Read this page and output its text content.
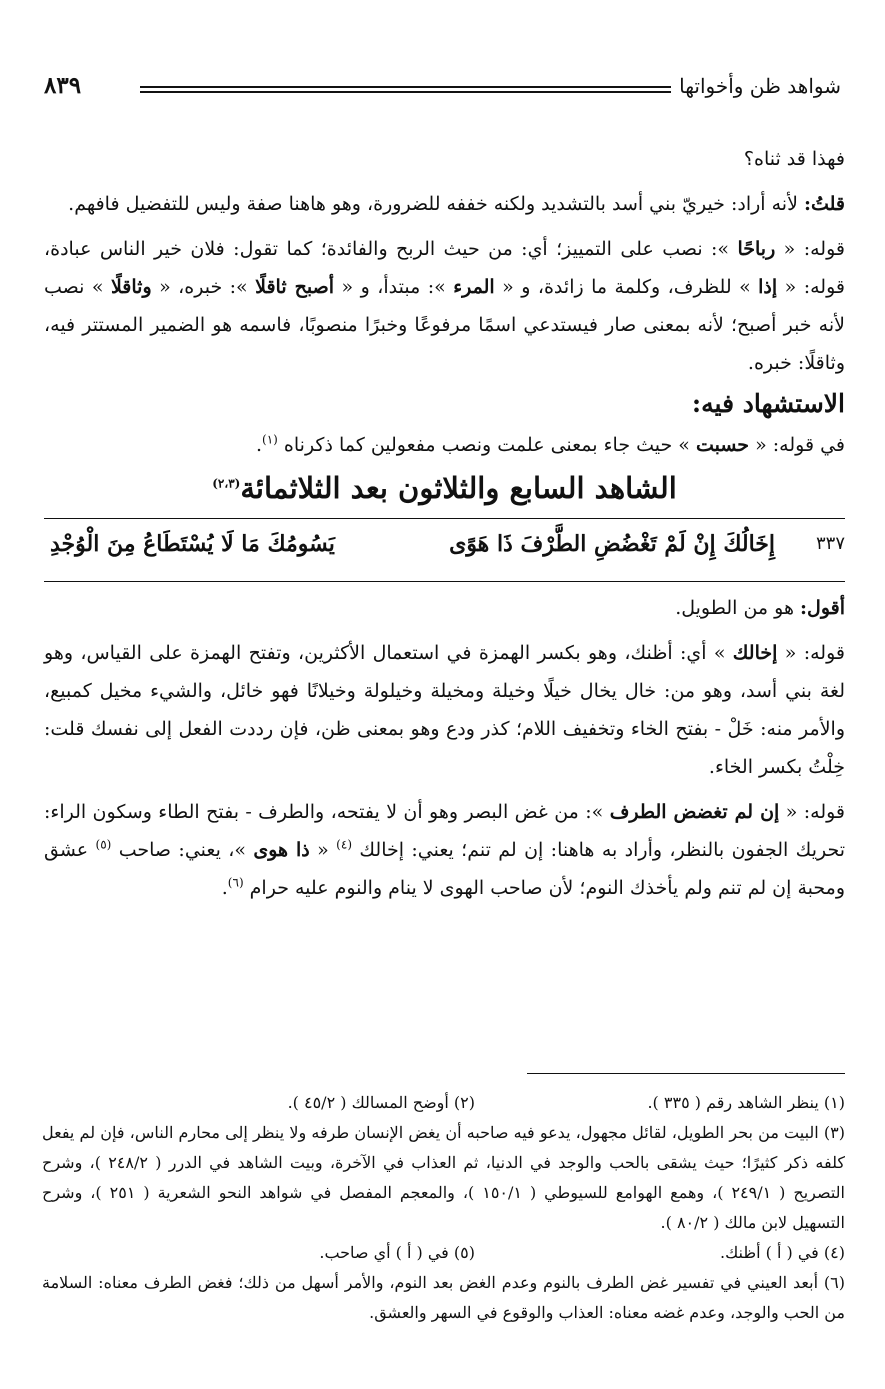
شواهد ظن وأخواتها
٨٣٩

فهذا قد ثناه؟

قلتُ: لأنه أراد: خيريّ بني أسد بالتشديد ولكنه خففه للضرورة، وهو هاهنا صفة وليس للتفضيل فافهم.

قوله: « رباحًا »: نصب على التمييز؛ أي: من حيث الربح والفائدة؛ كما تقول: فلان خير الناس عبادة، قوله: « إذا » للظرف، وكلمة ما زائدة، و « المرء »: مبتدأ، و « أصبح ثاقلًا »: خبره، « وثاقلًا » نصب لأنه خبر أصبح؛ لأنه بمعنى صار فيستدعي اسمًا مرفوعًا وخبرًا منصوبًا، فاسمه هو الضمير المستتر فيه، وثاقلًا: خبره.

الاستشهاد فيه:

في قوله: « حسبت » حيث جاء بمعنى علمت ونصب مفعولين كما ذكرناه $^{(١)}$.

الشاهد السابع والثلاثون بعد الثلاثمائة$^{(٢،٣)}$
٣٣٧
إِخَالُكَ إِنْ لَمْ تَغْضُضِ الطَّرْفَ ذَا هَوًى
يَسُومُكَ مَا لَا يُسْتَطَاعُ مِنَ الْوُجْدِ

أقول: هو من الطويل.

قوله: « إخالك » أي: أظنك، وهو بكسر الهمزة في استعمال الأكثرين، وتفتح الهمزة على القياس، وهو لغة بني أسد، وهو من: خال يخال خيلًا وخيلة ومخيلة وخيلولة وخيلانًا فهو خائل، والشيء مخيل كمبيع، والأمر منه: خَلْ - بفتح الخاء وتخفيف اللام؛ كذر ودع وهو بمعنى ظن، فإن رددت الفعل إلى نفسك قلت: خِلْتُ بكسر الخاء.

قوله: « إن لم تغضض الطرف »: من غض البصر وهو أن لا يفتحه، والطرف - بفتح الطاء وسكون الراء: تحريك الجفون بالنظر، وأراد به هاهنا: إن لم تنم؛ يعني: إخالك $^{(٤)}$ « ذا هوى »، يعني: صاحب $^{(٥)}$ عشق ومحبة إن لم تنم ولم يأخذك النوم؛ لأن صاحب الهوى لا ينام والنوم عليه حرام $^{(٦)}$.

(١) ينظر الشاهد رقم ( ٣٣٥ ).
(٢) أوضح المسالك ( ٤٥/٢ ).

(٣) البيت من بحر الطويل، لقائل مجهول، يدعو فيه صاحبه أن يغض الإنسان طرفه ولا ينظر إلى محارم الناس، فإن لم يفعل كلفه ذكر كثيرًا؛ حيث يشقى بالحب والوجد في الدنيا، ثم العذاب في الآخرة، وبيت الشاهد في الدرر ( ٢٤٨/٢ )، وشرح التصريح ( ٢٤٩/١ )، وهمع الهوامع للسيوطي ( ١٥٠/١ )، والمعجم المفصل في شواهد النحو الشعرية ( ٢٥١ )، وشرح التسهيل لابن مالك ( ٨٠/٢ ).

(٤) في ( أ ) أظنك.
(٥) في ( أ ) أي صاحب.

(٦) أبعد العيني في تفسير غض الطرف بالنوم وعدم الغض بعد النوم، والأمر أسهل من ذلك؛ فغض الطرف معناه: السلامة من الحب والوجد، وعدم غضه معناه: العذاب والوقوع في السهر والعشق.
